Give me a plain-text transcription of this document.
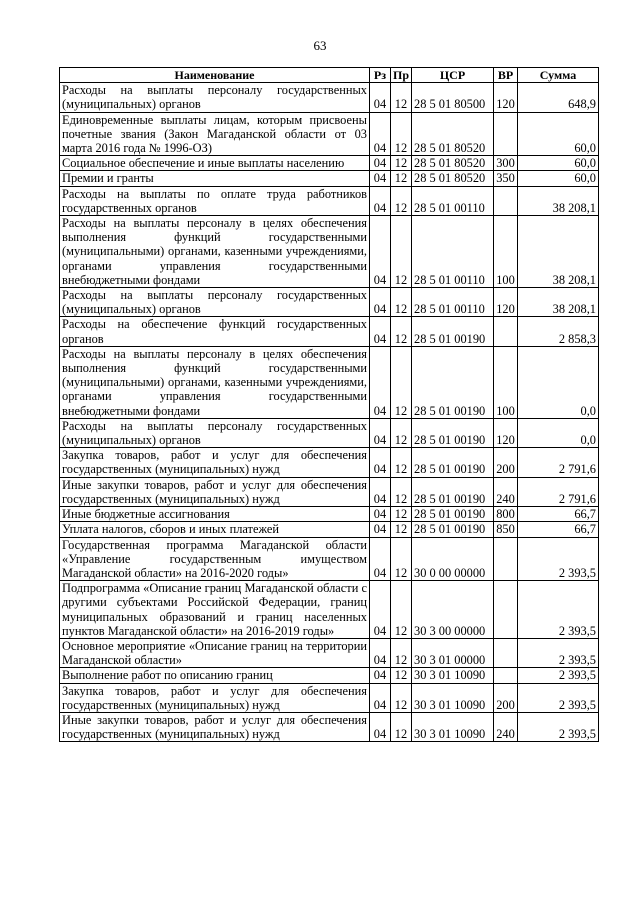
63
Наименование	Рз	Пр	ЦСР	ВР	Сумма
Расходы на выплаты персоналу государственных (муниципальных) органов	04	12	28 5 01 80500	120	648,9
Единовременные выплаты лицам, которым присвоены почетные звания (Закон Магаданской области от 03 марта 2016 года № 1996-ОЗ)	04	12	28 5 01 80520		60,0
Социальное обеспечение и иные выплаты населению	04	12	28 5 01 80520	300	60,0
Премии и гранты	04	12	28 5 01 80520	350	60,0
Расходы на выплаты по оплате труда работников государственных органов	04	12	28 5 01 00110		38 208,1
Расходы на выплаты персоналу в целях обеспечения выполнения функций государственными (муниципальными) органами, казенными учреждениями, органами управления государственными внебюджетными фондами	04	12	28 5 01 00110	100	38 208,1
Расходы на выплаты персоналу государственных (муниципальных) органов	04	12	28 5 01 00110	120	38 208,1
Расходы на обеспечение функций государственных органов	04	12	28 5 01 00190		2 858,3
Расходы на выплаты персоналу в целях обеспечения выполнения функций государственными (муниципальными) органами, казенными учреждениями, органами управления государственными внебюджетными фондами	04	12	28 5 01 00190	100	0,0
Расходы на выплаты персоналу государственных (муниципальных) органов	04	12	28 5 01 00190	120	0,0
Закупка товаров, работ и услуг для обеспечения государственных (муниципальных) нужд	04	12	28 5 01 00190	200	2 791,6
Иные закупки товаров, работ и услуг для обеспечения государственных (муниципальных) нужд	04	12	28 5 01 00190	240	2 791,6
Иные бюджетные ассигнования	04	12	28 5 01 00190	800	66,7
Уплата налогов, сборов и иных платежей	04	12	28 5 01 00190	850	66,7
Государственная программа Магаданской области «Управление государственным имуществом Магаданской области» на 2016-2020 годы»	04	12	30 0 00 00000		2 393,5
Подпрограмма «Описание границ Магаданской области с другими субъектами Российской Федерации, границ муниципальных образований и границ населенных пунктов Магаданской области» на 2016-2019 годы»	04	12	30 3 00 00000		2 393,5
Основное мероприятие «Описание границ на территории Магаданской области»	04	12	30 3 01 00000		2 393,5
Выполнение работ по описанию границ	04	12	30 3 01 10090		2 393,5
Закупка товаров, работ и услуг для обеспечения государственных (муниципальных) нужд	04	12	30 3 01 10090	200	2 393,5
Иные закупки товаров, работ и услуг для обеспечения государственных (муниципальных) нужд	04	12	30 3 01 10090	240	2 393,5
